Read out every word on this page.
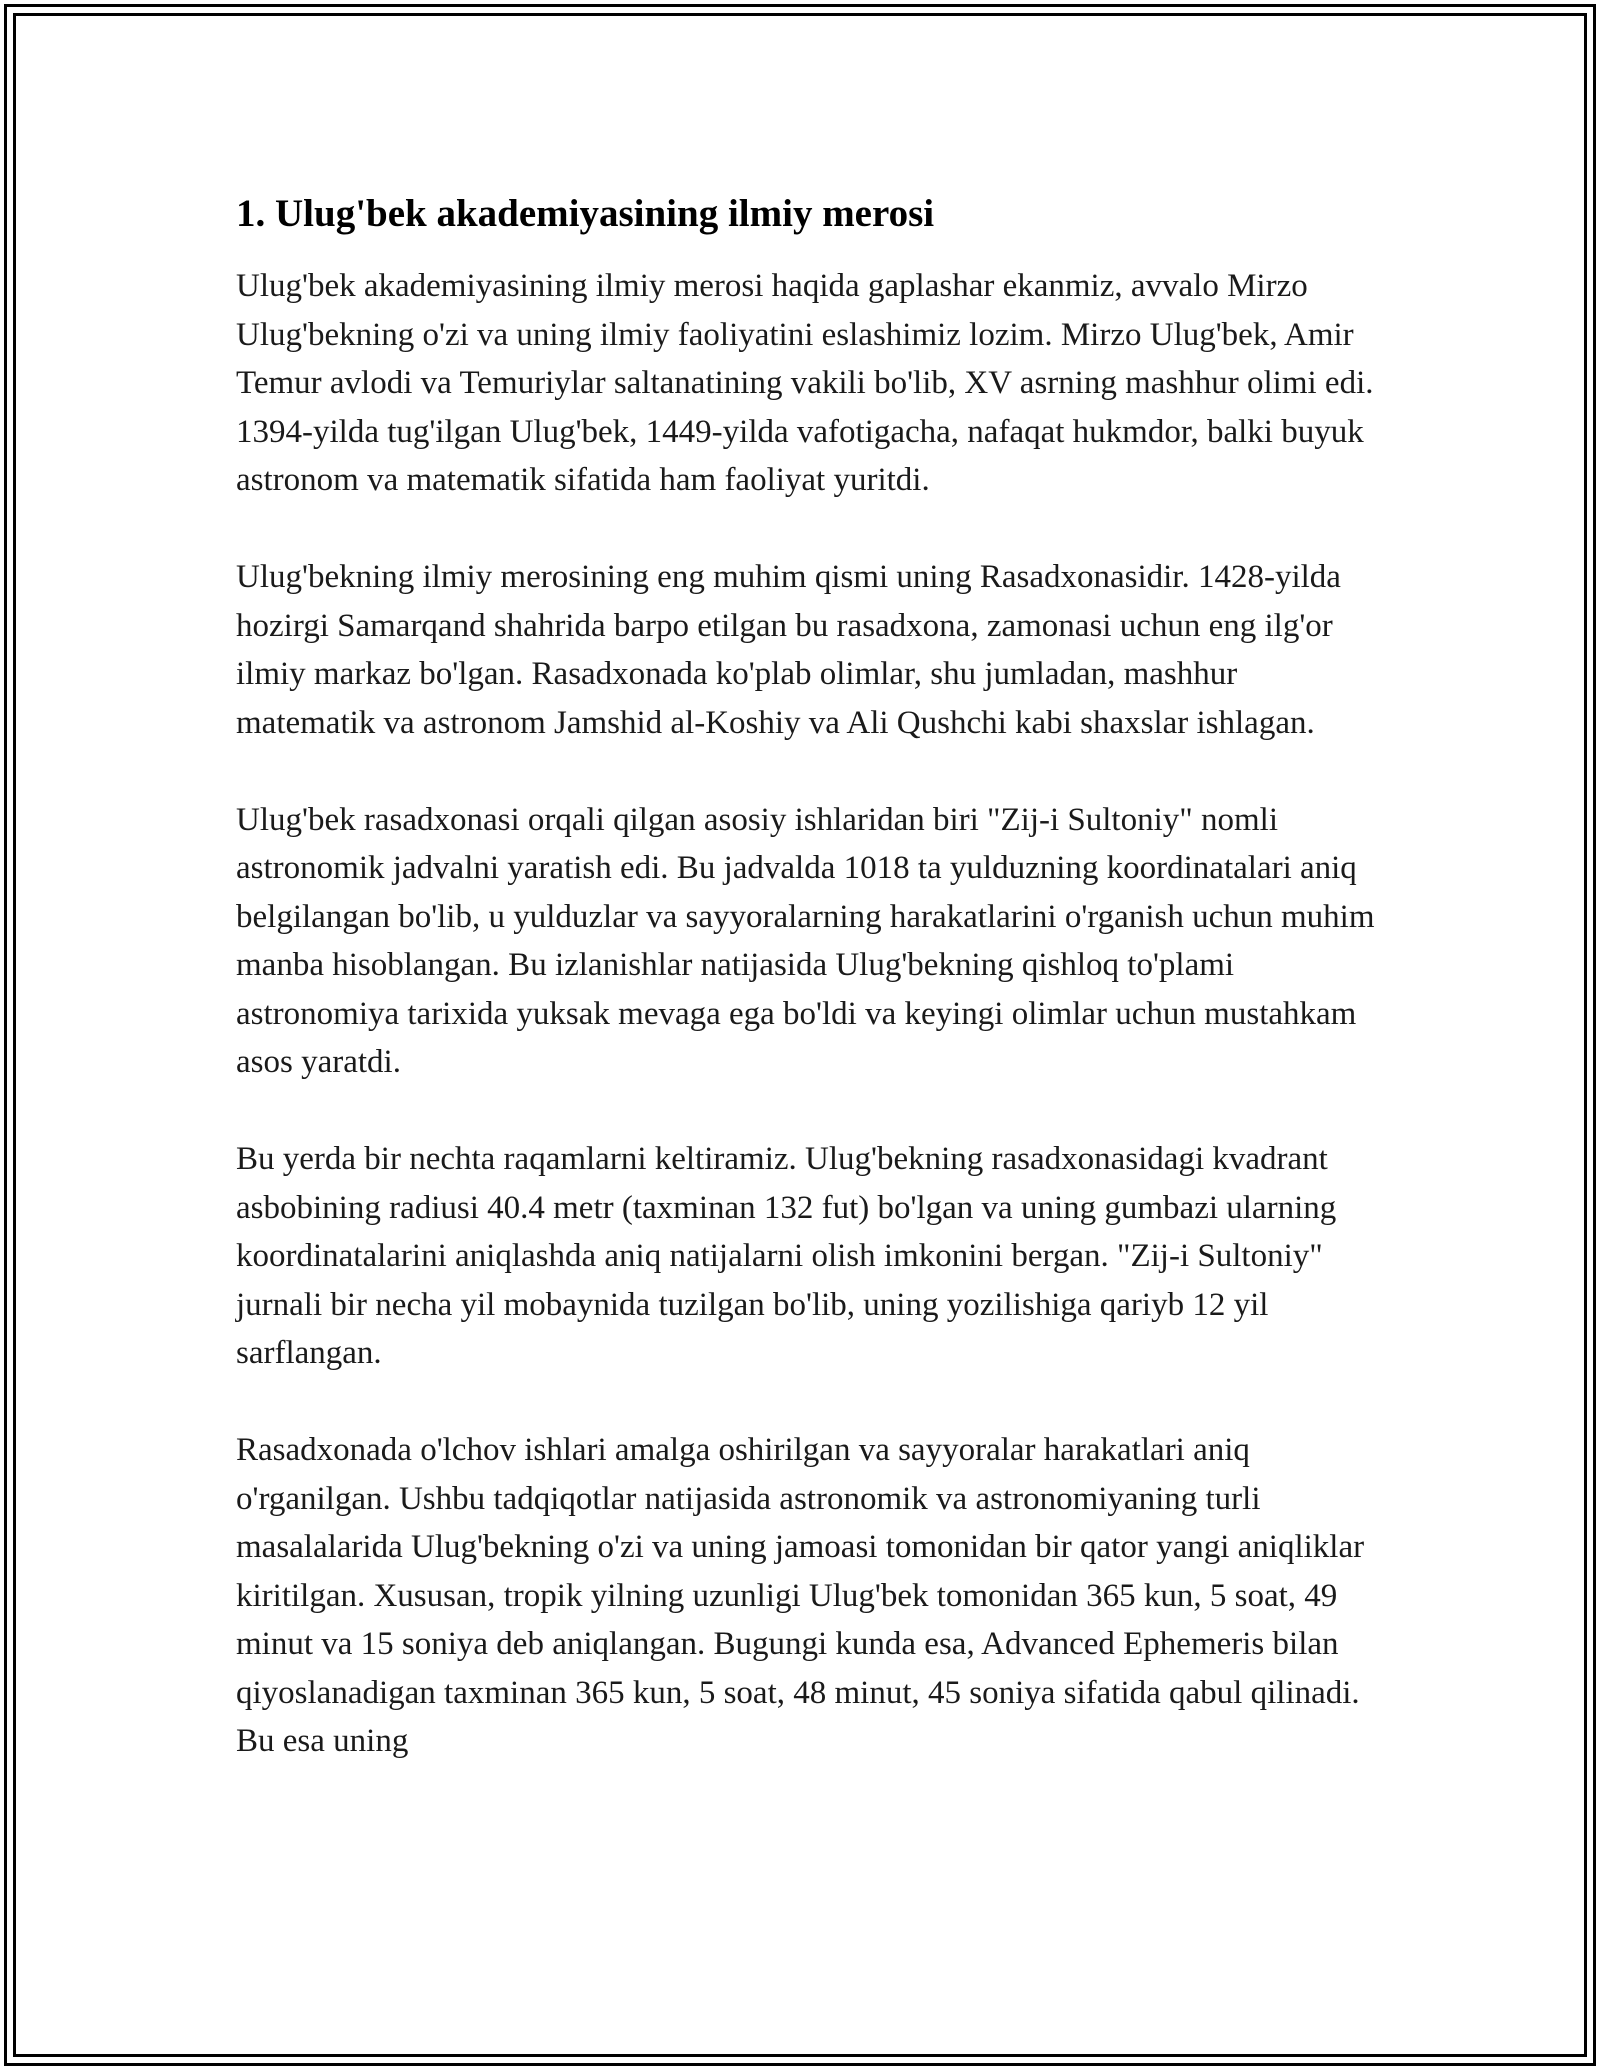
1. Ulug'bek akademiyasining ilmiy merosi

Ulug'bek akademiyasining ilmiy merosi haqida gaplashar ekanmiz, avvalo Mirzo Ulug'bekning o'zi va uning ilmiy faoliyatini eslashimiz lozim. Mirzo Ulug'bek, Amir Temur avlodi va Temuriylar saltanatining vakili bo'lib, XV asrning mashhur olimi edi. 1394-yilda tug'ilgan Ulug'bek, 1449-yilda vafotigacha, nafaqat hukmdor, balki buyuk astronom va matematik sifatida ham faoliyat yuritdi.

Ulug'bekning ilmiy merosining eng muhim qismi uning Rasadxonasidir. 1428-yilda hozirgi Samarqand shahrida barpo etilgan bu rasadxona, zamonasi uchun eng ilg'or ilmiy markaz bo'lgan. Rasadxonada ko'plab olimlar, shu jumladan, mashhur matematik va astronom Jamshid al-Koshiy va Ali Qushchi kabi shaxslar ishlagan.

Ulug'bek rasadxonasi orqali qilgan asosiy ishlaridan biri "Zij-i Sultoniy" nomli astronomik jadvalni yaratish edi. Bu jadvalda 1018 ta yulduzning koordinatalari aniq belgilangan bo'lib, u yulduzlar va sayyoralarning harakatlarini o'rganish uchun muhim manba hisoblangan. Bu izlanishlar natijasida Ulug'bekning qishloq to'plami astronomiya tarixida yuksak mevaga ega bo'ldi va keyingi olimlar uchun mustahkam asos yaratdi.

Bu yerda bir nechta raqamlarni keltiramiz. Ulug'bekning rasadxonasidagi kvadrant asbobining radiusi 40.4 metr (taxminan 132 fut) bo'lgan va uning gumbazi ularning koordinatalarini aniqlashda aniq natijalarni olish imkonini bergan. "Zij-i Sultoniy" jurnali bir necha yil mobaynida tuzilgan bo'lib, uning yozilishiga qariyb 12 yil sarflangan.

Rasadxonada o'lchov ishlari amalga oshirilgan va sayyoralar harakatlari aniq o'rganilgan. Ushbu tadqiqotlar natijasida astronomik va astronomiyaning turli masalalarida Ulug'bekning o'zi va uning jamoasi tomonidan bir qator yangi aniqliklar kiritilgan. Xususan, tropik yilning uzunligi Ulug'bek tomonidan 365 kun, 5 soat, 49 minut va 15 soniya deb aniqlangan. Bugungi kunda esa, Advanced Ephemeris bilan qiyoslanadigan taxminan 365 kun, 5 soat, 48 minut, 45 soniya sifatida qabul qilinadi. Bu esa uning
